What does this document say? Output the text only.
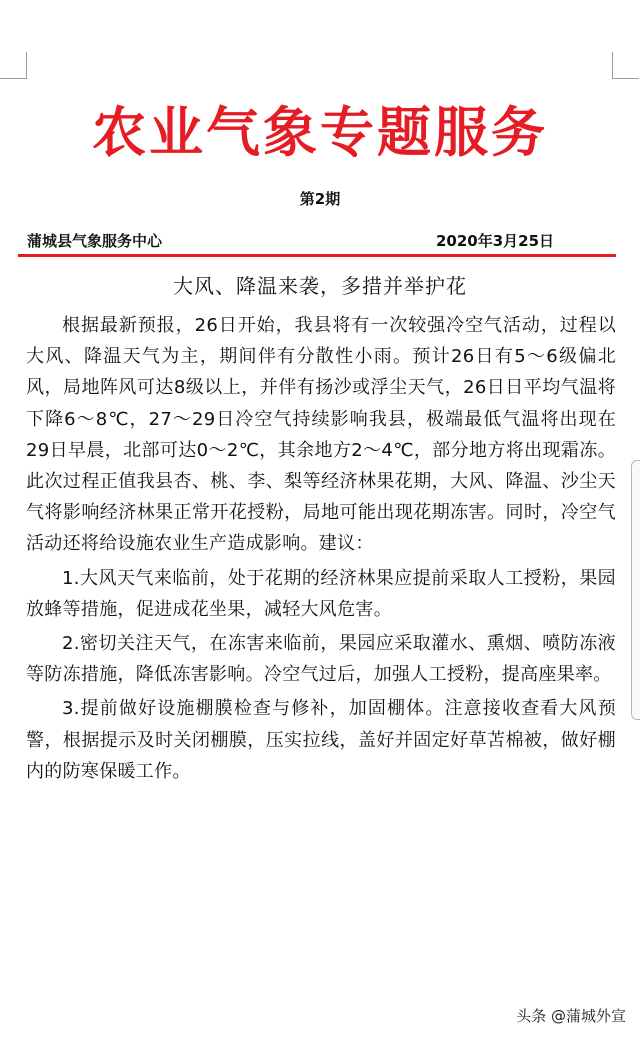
农业气象专题服务
第2期
蒲城县气象服务中心	2020年3月25日
大风、降温来袭，多措并举护花

根据最新预报，26日开始，我县将有一次较强冷空气活动，过程以大风、降温天气为主，期间伴有分散性小雨。预计26日有5～6级偏北风，局地阵风可达8级以上，并伴有扬沙或浮尘天气，26日日平均气温将下降6～8℃，27～29日冷空气持续影响我县，极端最低气温将出现在29日早晨，北部可达0～2℃，其余地方2～4℃，部分地方将出现霜冻。此次过程正值我县杏、桃、李、梨等经济林果花期，大风、降温、沙尘天气将影响经济林果正常开花授粉，局地可能出现花期冻害。同时，冷空气活动还将给设施农业生产造成影响。建议：

1.大风天气来临前，处于花期的经济林果应提前采取人工授粉，果园放蜂等措施，促进成花坐果，减轻大风危害。

2.密切关注天气，在冻害来临前，果园应采取灌水、熏烟、喷防冻液等防冻措施，降低冻害影响。冷空气过后，加强人工授粉，提高座果率。

3.提前做好设施棚膜检查与修补，加固棚体。注意接收查看大风预警，根据提示及时关闭棚膜，压实拉线，盖好并固定好草苫棉被，做好棚内的防寒保暖工作。

头条 @蒲城外宣
